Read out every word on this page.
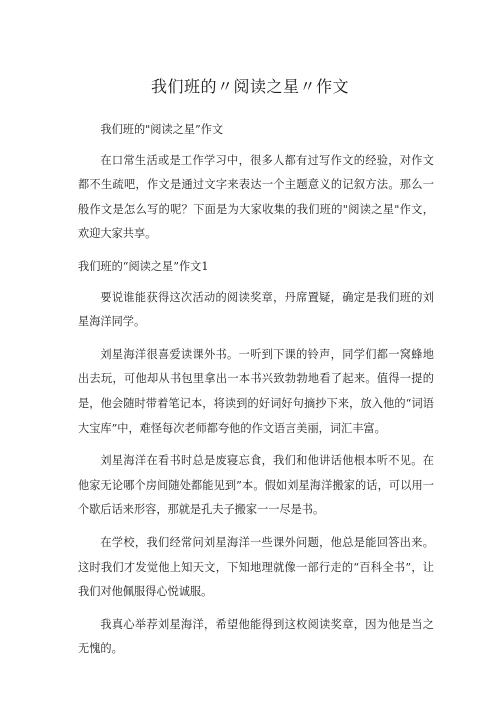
我们班的〃阅读之星〃作文

我们班的"阅读之星”作文

在口常生活或是工作学习中，很多人都有过写作文的经验，对作文都不生疏吧，作文是通过文字来表达一个主题意义的记叙方法。那么一般作文是怎么写的呢？下面是为大家收集的我们班的"阅读之星"作文，欢迎大家共享。

我们班的“阅读之星”作文1

要说谁能获得这次活动的阅读奖章，丹席置疑，确定是我们班的刘星海洋同学。

刘星海洋很喜爱读课外书。一听到下课的铃声，同学们都一窝蜂地出去玩，可他却从书包里拿出一本书兴致勃勃地看了起来。值得一提的是，他会随时带着笔记本，将读到的好词好句摘抄下来，放入他的“词语大宝库”中，难怪每次老师都夸他的作文语言美丽，词汇丰富。

刘星海洋在看书时总是废寝忘食，我们和他讲话他根本听不见。在他家无论哪个房间随处都能见到”本。假如刘星海洋搬家的话，可以用一个歇后话来形容，那就是孔夫子搬家一一尽是书。

在学校，我们经常问刘星海洋一些课外问题，他总是能回答出来。这时我们才发觉他上知天文，下知地理就像一部行走的“百科全书”，让我们对他佩服得心悦诚服。

我真心举荐刘星海洋，希望他能得到这枚阅读奖章，因为他是当之无愧的。
